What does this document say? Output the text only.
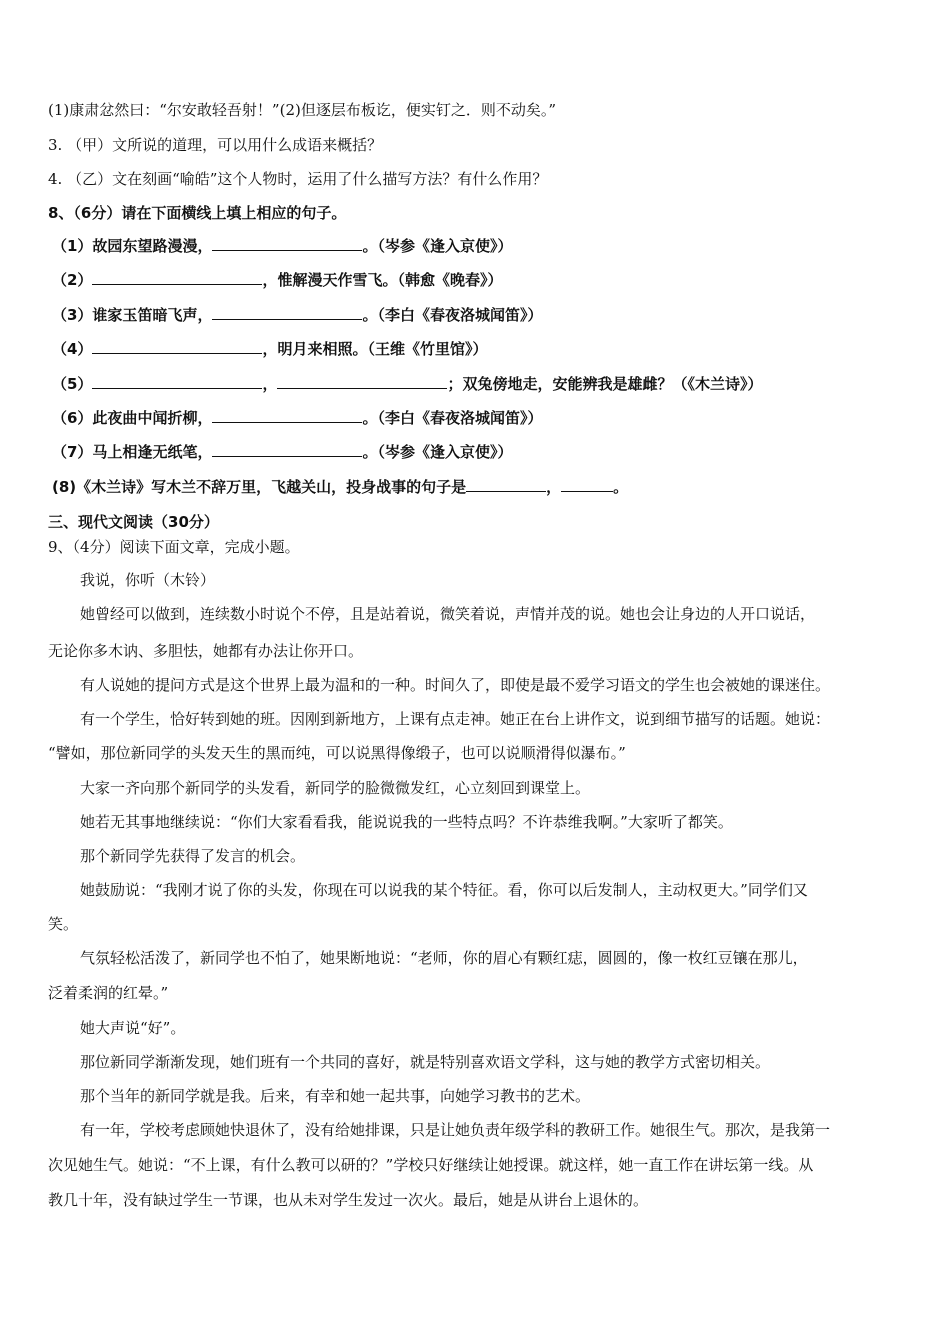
(1)康肃忿然曰：“尔安敢轻吾射！”(2)但逐层布板讫，便实钉之．则不动矣。”
3. （甲）文所说的道理，可以用什么成语来概括？
4. （乙）文在刻画“喻皓”这个人物时，运用了什么描写方法？有什么作用？
8、（6分）请在下面横线上填上相应的句子。
（1）故园东望路漫漫，	。（岑参《逢入京使》）
（2）	，惟解漫天作雪飞。（韩愈《晚春》）
（3）谁家玉笛暗飞声，	。（李白《春夜洛城闻笛》）
（4）	，明月来相照。（王维《竹里馆》）
（5）	，	；双兔傍地走，安能辨我是雄雌？（《木兰诗》）
（6）此夜曲中闻折柳，	。（李白《春夜洛城闻笛》）
（7）马上相逢无纸笔，	。（岑参《逢入京使》）
(8)《木兰诗》写木兰不辞万里，飞越关山，投身战事的句子是	，	。
三、现代文阅读（30分）
9、（4分）阅读下面文章，完成小题。
我说，你听（木铃）
她曾经可以做到，连续数小时说个不停，且是站着说，微笑着说，声情并茂的说。她也会让身边的人开口说话，
无论你多木讷、多胆怯，她都有办法让你开口。
有人说她的提问方式是这个世界上最为温和的一种。时间久了，即使是最不爱学习语文的学生也会被她的课迷住。
有一个学生，恰好转到她的班。因刚到新地方，上课有点走神。她正在台上讲作文，说到细节描写的话题。她说：
“譬如，那位新同学的头发天生的黑而纯，可以说黑得像缎子，也可以说顺滑得似瀑布。”
大家一齐向那个新同学的头发看，新同学的脸微微发红，心立刻回到课堂上。
她若无其事地继续说：“你们大家看看我，能说说我的一些特点吗？不许恭维我啊。”大家听了都笑。
那个新同学先获得了发言的机会。
她鼓励说：“我刚才说了你的头发，你现在可以说我的某个特征。看，你可以后发制人，主动权更大。”同学们又
笑。
气氛轻松活泼了，新同学也不怕了，她果断地说：“老师，你的眉心有颗红痣，圆圆的，像一枚红豆镶在那儿，
泛着柔润的红晕。”
她大声说“好”。
那位新同学渐渐发现，她们班有一个共同的喜好，就是特别喜欢语文学科，这与她的教学方式密切相关。
那个当年的新同学就是我。后来，有幸和她一起共事，向她学习教书的艺术。
有一年，学校考虑顾她快退休了，没有给她排课，只是让她负责年级学科的教研工作。她很生气。那次，是我第一
次见她生气。她说：“不上课，有什么教可以研的？”学校只好继续让她授课。就这样，她一直工作在讲坛第一线。从
教几十年，没有缺过学生一节课，也从未对学生发过一次火。最后，她是从讲台上退休的。
